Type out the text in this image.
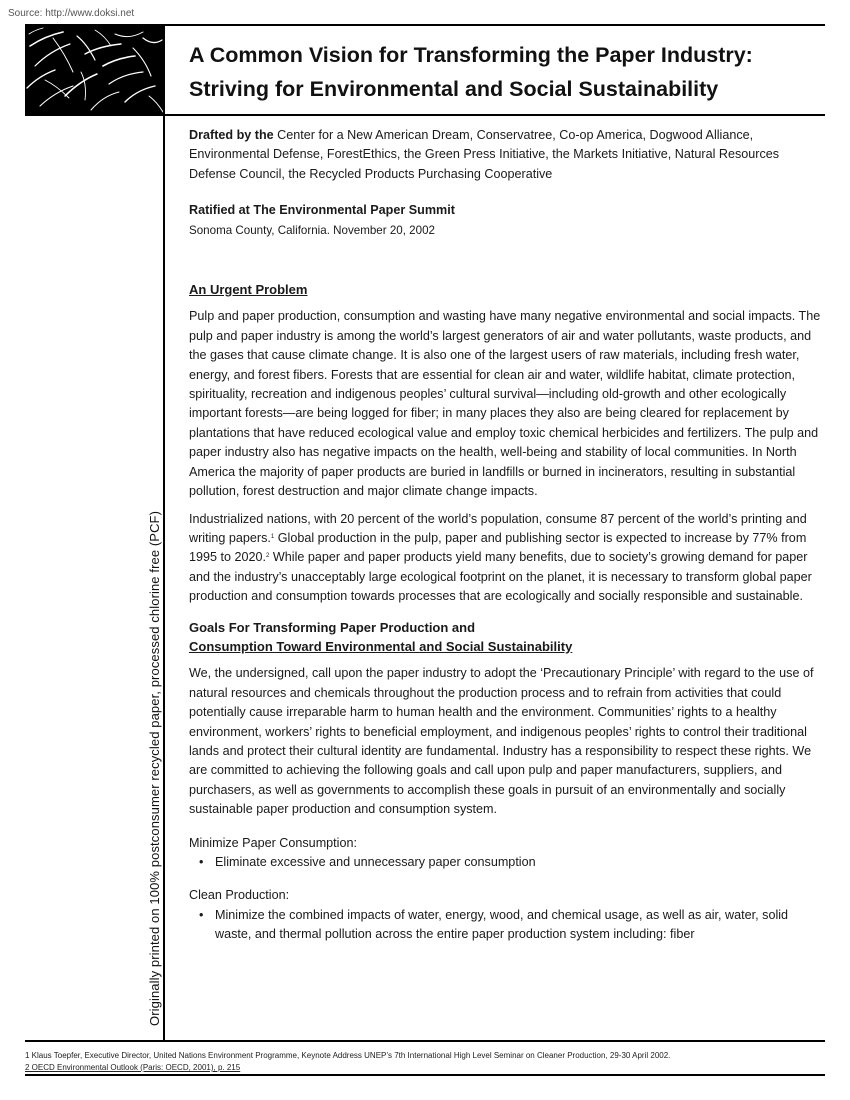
Source: http://www.doksi.net
A Common Vision for Transforming the Paper Industry:
Striving for Environmental and Social Sustainability
Originally printed on 100% postconsumer recycled paper, processed chlorine free (PCF)

Drafted by the Center for a New American Dream, Conservatree, Co-op America, Dogwood Alliance, Environmental Defense, ForestEthics, the Green Press Initiative, the Markets Initiative, Natural Resources Defense Council, the Recycled Products Purchasing Cooperative

Ratified at The Environmental Paper Summit

Sonoma County, California. November 20, 2002

An Urgent Problem

Pulp and paper production, consumption and wasting have many negative environmental and social impacts. The pulp and paper industry is among the world’s largest generators of air and water pollutants, waste products, and the gases that cause climate change. It is also one of the largest users of raw materials, including fresh water, energy, and forest fibers. Forests that are essential for clean air and water, wildlife habitat, climate protection, spirituality, recreation and indigenous peoples’ cultural survival—including old-growth and other ecologically important forests—are being logged for fiber; in many places they also are being cleared for replacement by plantations that have reduced ecological value and employ toxic chemical herbicides and fertilizers. The pulp and paper industry also has negative impacts on the health, well-being and stability of local communities. In North America the majority of paper products are buried in landfills or burned in incinerators, resulting in substantial pollution, forest destruction and major climate change impacts.

Industrialized nations, with 20 percent of the world’s population, consume 87 percent of the world’s printing and writing papers.$^1$ Global production in the pulp, paper and publishing sector is expected to increase by 77% from 1995 to 2020.$^2$ While paper and paper products yield many benefits, due to society’s growing demand for paper and the industry’s unacceptably large ecological footprint on the planet, it is necessary to transform global paper production and consumption towards processes that are ecologically and socially responsible and sustainable.

Goals For Transforming Paper Production and
Consumption Toward Environmental and Social Sustainability

We, the undersigned, call upon the paper industry to adopt the ‘Precautionary Principle’ with regard to the use of natural resources and chemicals throughout the production process and to refrain from activities that could potentially cause irreparable harm to human health and the environment. Communities’ rights to a healthy environment, workers’ rights to beneficial employment, and indigenous peoples’ rights to control their traditional lands and protect their cultural identity are fundamental. Industry has a responsibility to respect these rights. We are committed to achieving the following goals and call upon pulp and paper manufacturers, suppliers, and purchasers, as well as governments to accomplish these goals in pursuit of an environmentally and socially sustainable paper production and consumption system.

Minimize Paper Consumption:

• Eliminate excessive and unnecessary paper consumption

Clean Production:

• Minimize the combined impacts of water, energy, wood, and chemical usage, as well as air, water, solid waste, and thermal pollution across the entire paper production system including: fiber

1 Klaus Toepfer, Executive Director, United Nations Environment Programme, Keynote Address UNEP’s 7th International High Level Seminar on Cleaner Production, 29-30 April 2002.

2 OECD Environmental Outlook (Paris: OECD, 2001), p. 215
